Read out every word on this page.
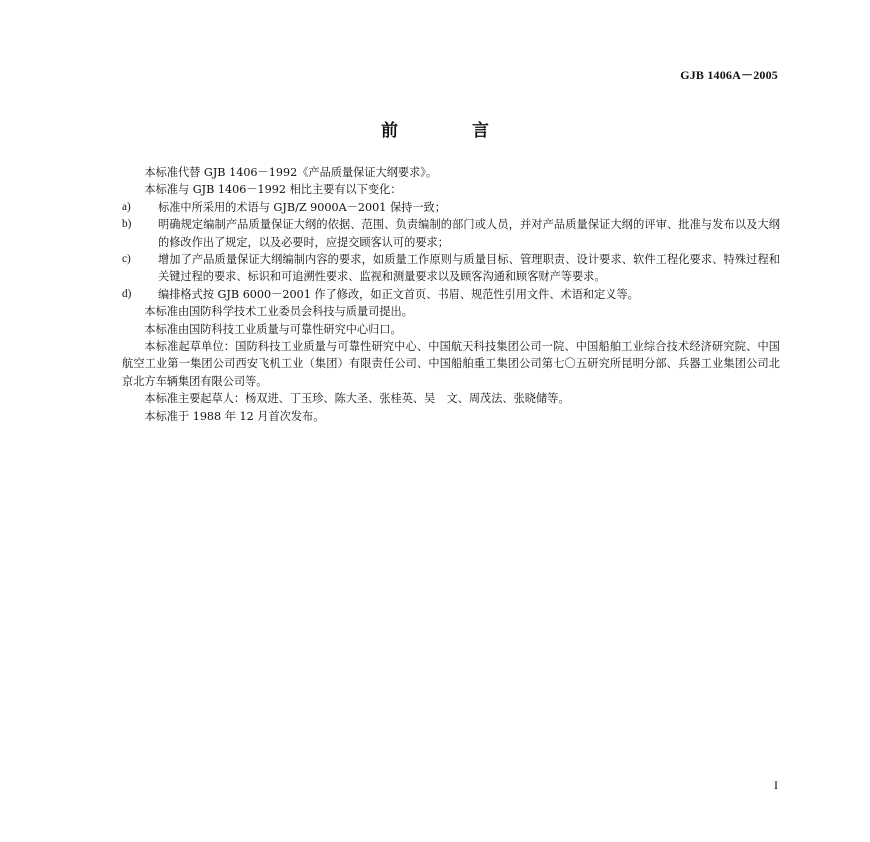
GJB 1406A－2005
前 言

本标准代替 GJB 1406－1992《产品质量保证大纲要求》。

本标准与 GJB 1406－1992 相比主要有以下变化：

a)	标准中所采用的术语与 GJB/Z 9000A－2001 保持一致；
b)	明确规定编制产品质量保证大纲的依据、范围、负责编制的部门或人员，并对产品质量保证大纲的评审、批准与发布以及大纲的修改作出了规定，以及必要时，应提交顾客认可的要求；
c)	增加了产品质量保证大纲编制内容的要求，如质量工作原则与质量目标、管理职责、设计要求、软件工程化要求、特殊过程和关键过程的要求、标识和可追溯性要求、监视和测量要求以及顾客沟通和顾客财产等要求。
d)	编排格式按 GJB 6000－2001 作了修改，如正文首页、书眉、规范性引用文件、术语和定义等。

本标准由国防科学技术工业委员会科技与质量司提出。

本标准由国防科技工业质量与可靠性研究中心归口。

本标准起草单位：国防科技工业质量与可靠性研究中心、中国航天科技集团公司一院、中国船舶工业综合技术经济研究院、中国航空工业第一集团公司西安飞机工业（集团）有限责任公司、中国船舶重工集团公司第七〇五研究所昆明分部、兵器工业集团公司北京北方车辆集团有限公司等。

本标准主要起草人：杨双进、丁玉珍、陈大圣、张桂英、吴　文、周茂法、张晓储等。

本标准于 1988 年 12 月首次发布。

I
